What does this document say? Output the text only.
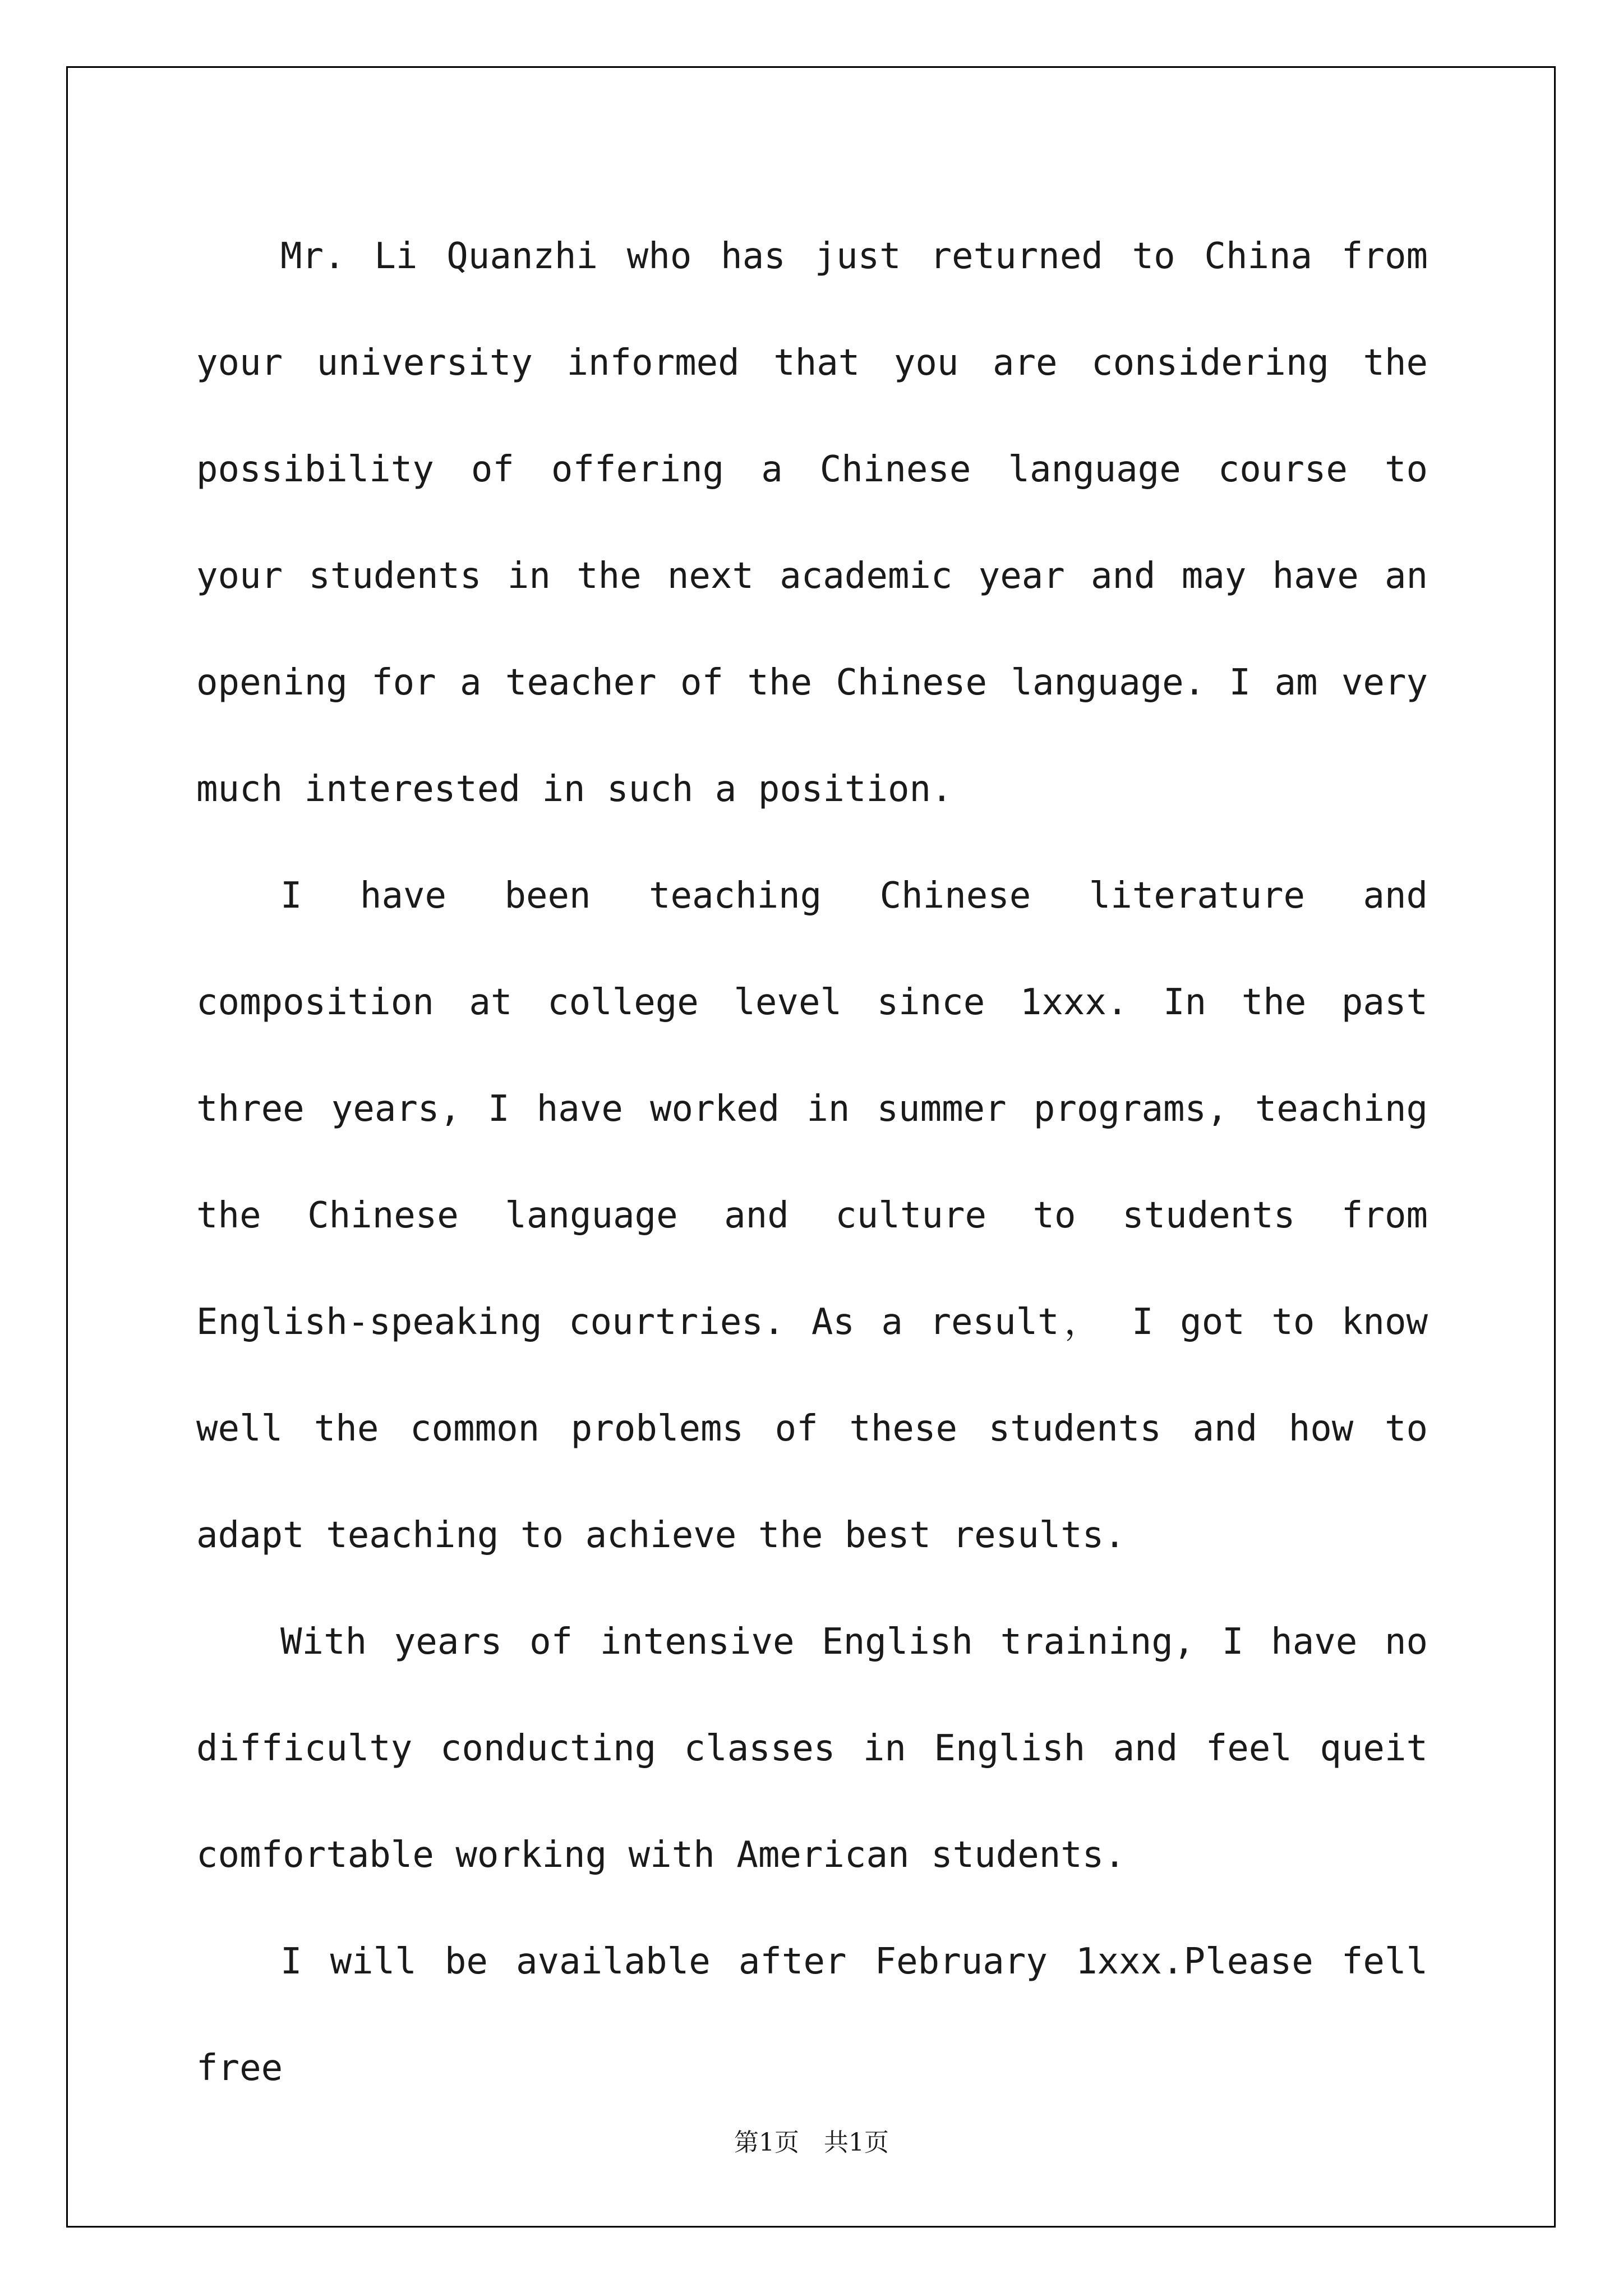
Mr. Li Quanzhi who has just returned to China from your university informed that you are considering the possibility of offering a Chinese language course to your students in the next academic year and may have an opening for a teacher of the Chinese language. I am very much interested in such a position.

I have been teaching Chinese literature and composition at college level since 1xxx. In the past three years, I have worked in summer programs, teaching the Chinese language and culture to students from English-speaking courtries. As a result， I got to know well the common problems of these students and how to adapt teaching to achieve the best results.

With years of intensive English training, I have no difficulty conducting classes in English and feel queit comfortable working with American students.

I will be available after February 1xxx.Please fell free

第1页　共1页
